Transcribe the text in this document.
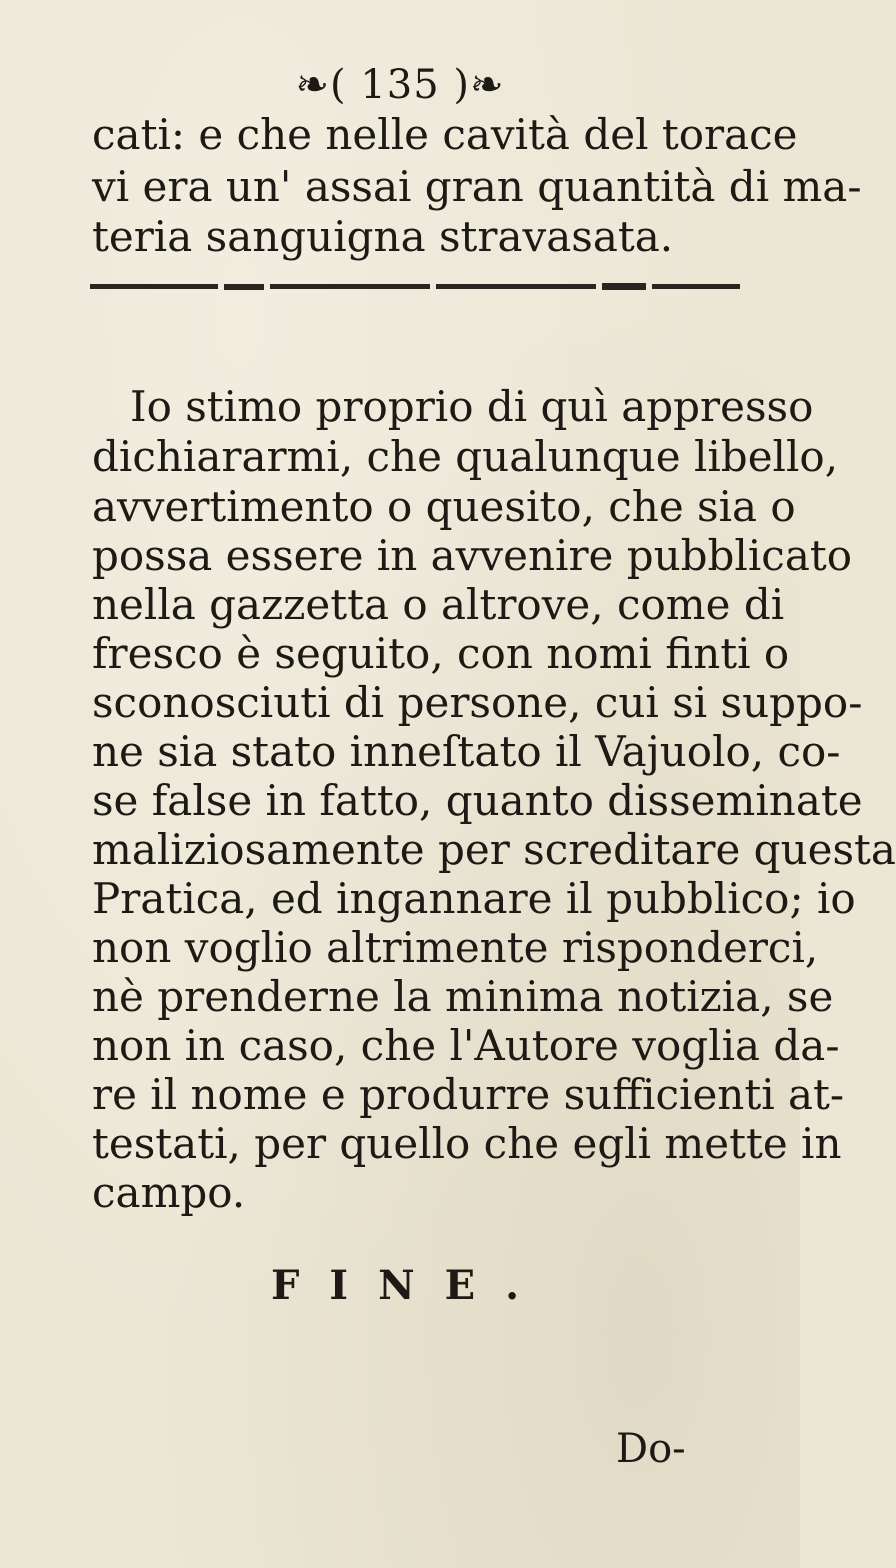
❧( 135 )❧
cati: e che nelle cavità del torace
vi era un' assai gran quantità di ma-
teria sanguigna stravasata.
Io stimo proprio di quì appresso
dichiararmi, che qualunque libello,
avvertimento o quesito, che sia o
possa essere in avvenire pubblicato
nella gazzetta o altrove, come di
fresco è seguito, con nomi finti o
sconosciuti di persone, cui si suppo-
ne sia stato inneſtato il Vajuolo, co-
se false in fatto, quanto disseminate
maliziosamente per screditare questa
Pratica, ed ingannare il pubblico; io
non voglio altrimente risponderci,
nè prenderne la minima notizia, se
non in caso, che l'Autore voglia da-
re il nome e produrre sufficienti at-
testati, per quello che egli mette in
campo.
FINE.
Do-
